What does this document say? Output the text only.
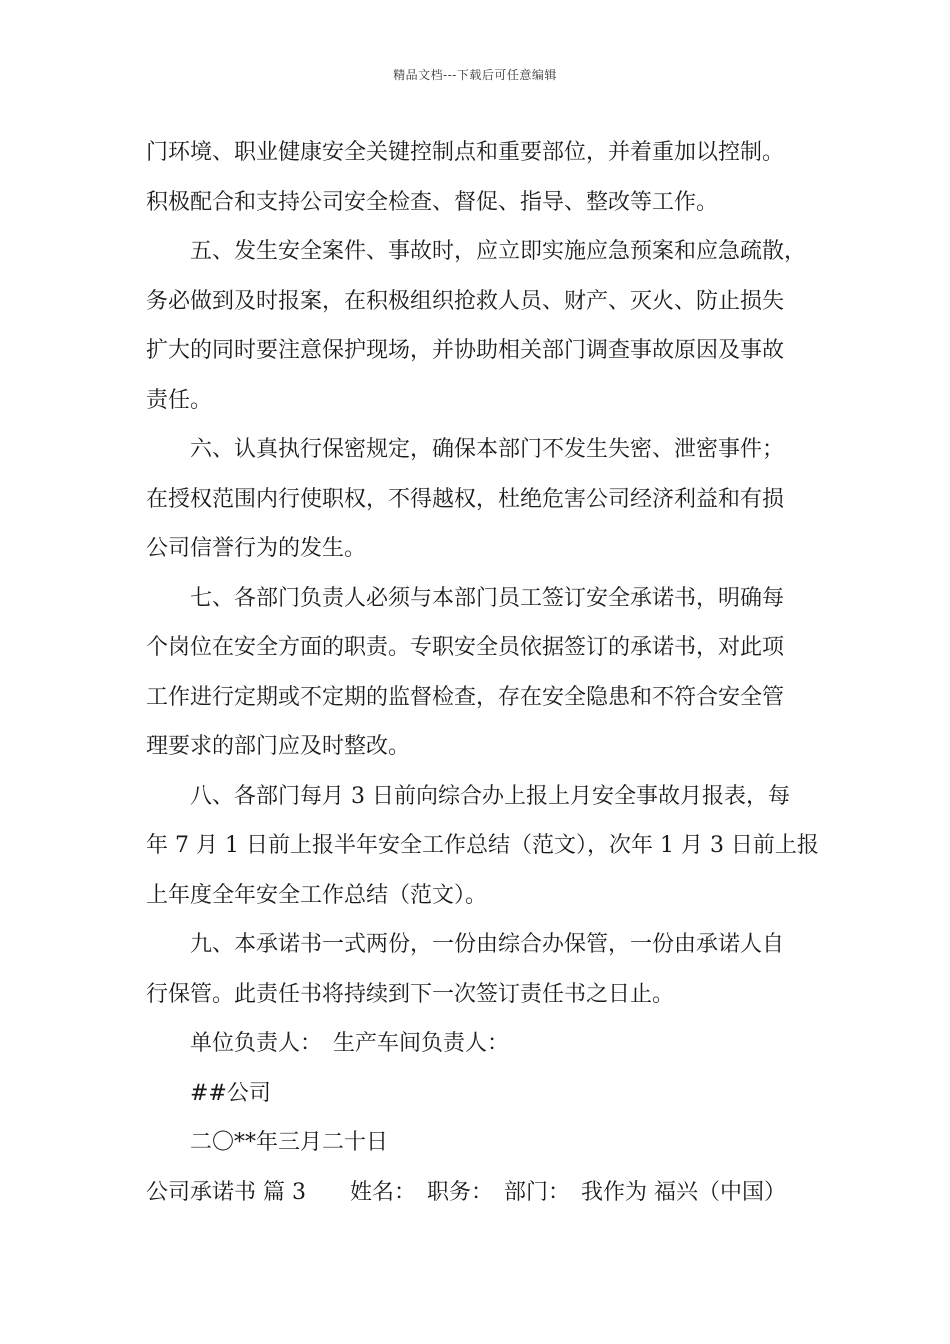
精品文档---下载后可任意编辑
门环境、职业健康安全关键控制点和重要部位，并着重加以控制。
积极配合和支持公司安全检查、督促、指导、整改等工作。
五、发生安全案件、事故时，应立即实施应急预案和应急疏散，
务必做到及时报案，在积极组织抢救人员、财产、灭火、防止损失
扩大的同时要注意保护现场，并协助相关部门调查事故原因及事故
责任。
六、认真执行保密规定，确保本部门不发生失密、泄密事件；
在授权范围内行使职权，不得越权，杜绝危害公司经济利益和有损
公司信誉行为的发生。
七、各部门负责人必须与本部门员工签订安全承诺书，明确每
个岗位在安全方面的职责。专职安全员依据签订的承诺书，对此项
工作进行定期或不定期的监督检查，存在安全隐患和不符合安全管
理要求的部门应及时整改。
八、各部门每月 3 日前向综合办上报上月安全事故月报表，每
年 7 月 1 日前上报半年安全工作总结（范文），次年 1 月 3 日前上报
上年度全年安全工作总结（范文）。
九、本承诺书一式两份，一份由综合办保管，一份由承诺人自
行保管。此责任书将持续到下一次签订责任书之日止。
单位负责人：　生产车间负责人：
##公司
二〇**年三月二十日
公司承诺书 篇 3　　姓名：　职务：　部门：　我作为 福兴（中国）
